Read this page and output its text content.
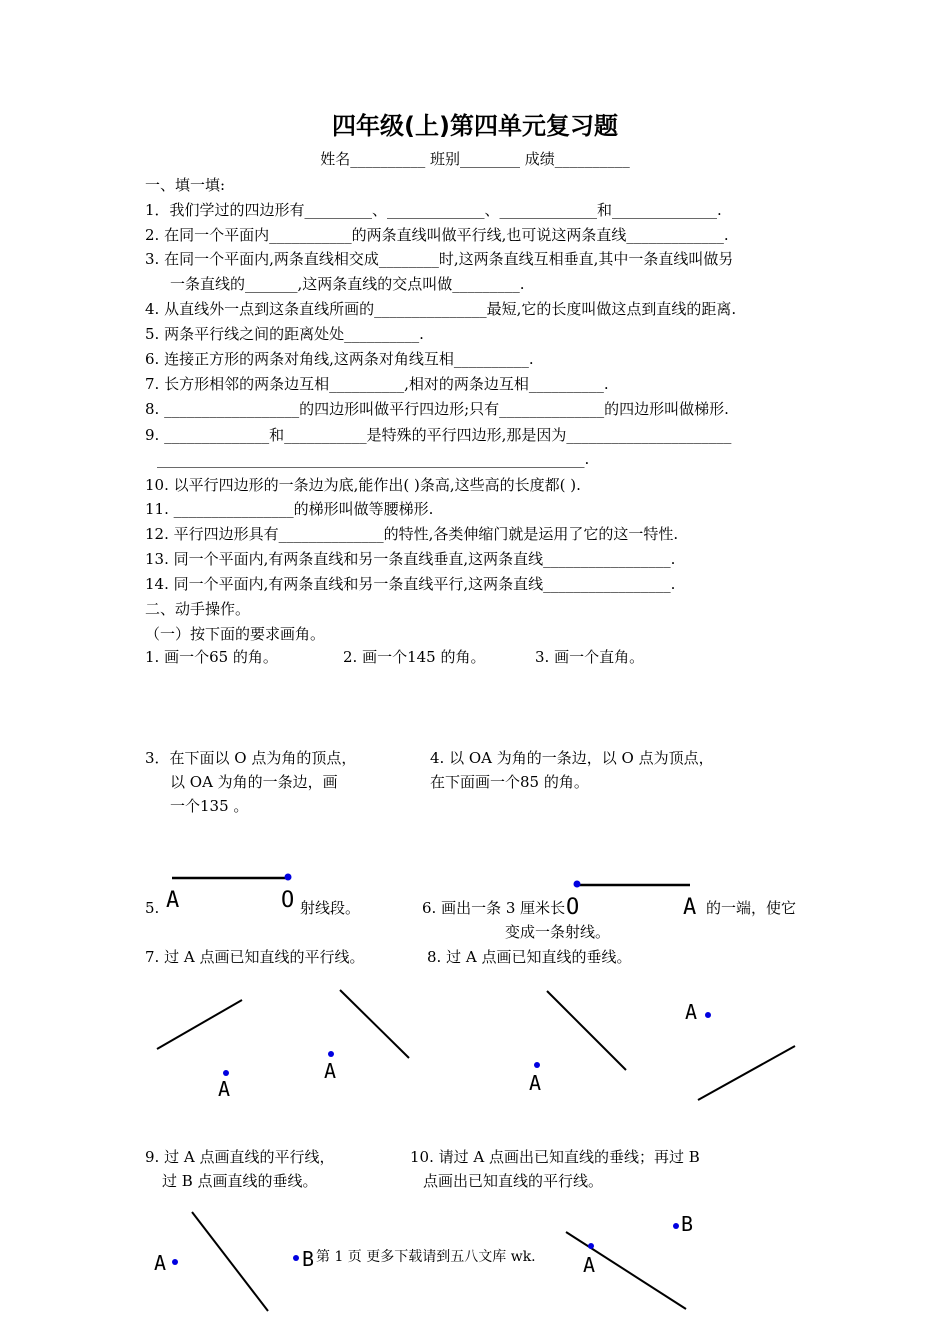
四年级(上)第四单元复习题
姓名__________ 班别________ 成绩__________
一、填一填:
1．我们学过的四边形有_________、_____________、_____________和______________.
2. 在同一个平面内___________的两条直线叫做平行线,也可说这两条直线_____________.
3. 在同一个平面内,两条直线相交成________时,这两条直线互相垂直,其中一条直线叫做另
一条直线的_______,这两条直线的交点叫做_________.
4. 从直线外一点到这条直线所画的_______________最短,它的长度叫做这点到直线的距离.
5. 两条平行线之间的距离处处__________.
6. 连接正方形的两条对角线,这两条对角线互相__________.
7. 长方形相邻的两条边互相__________,相对的两条边互相__________.
8. __________________的四边形叫做平行四边形;只有______________的四边形叫做梯形.
9. ______________和___________是特殊的平行四边形,那是因为______________________
_________________________________________________________.
10. 以平行四边形的一条边为底,能作出( )条高,这些高的长度都( ).
11. ________________的梯形叫做等腰梯形.
12. 平行四边形具有______________的特性,各类伸缩门就是运用了它的这一特性.
13. 同一个平面内,有两条直线和另一条直线垂直,这两条直线_________________.
14. 同一个平面内,有两条直线和另一条直线平行,这两条直线_________________.
二、动手操作。
（一）按下面的要求画角。
1. 画一个65 的角。	2. 画一个145 的角。	3. 画一个直角。
3．在下面以 O 点为角的顶点，
以 OA 为角的一条边，画
一个135 。
4. 以 OA 为角的一条边，以 O 点为顶点，
在下面画一个85 的角。
5.	射线段。	6. 画出一条 3 厘米长	的一端，使它
变成一条射线。
7. 过 A 点画已知直线的平行线。	8. 过 A 点画已知直线的垂线。
9. 过 A 点画直线的平行线，
过 B 点画直线的垂线。
10. 请过 A 点画出已知直线的垂线；再过 B
点画出已知直线的平行线。
第 1 页 更多下载请到五八文库 wk.
A	O	O	A
A
A	A
A
A	B	A
B
